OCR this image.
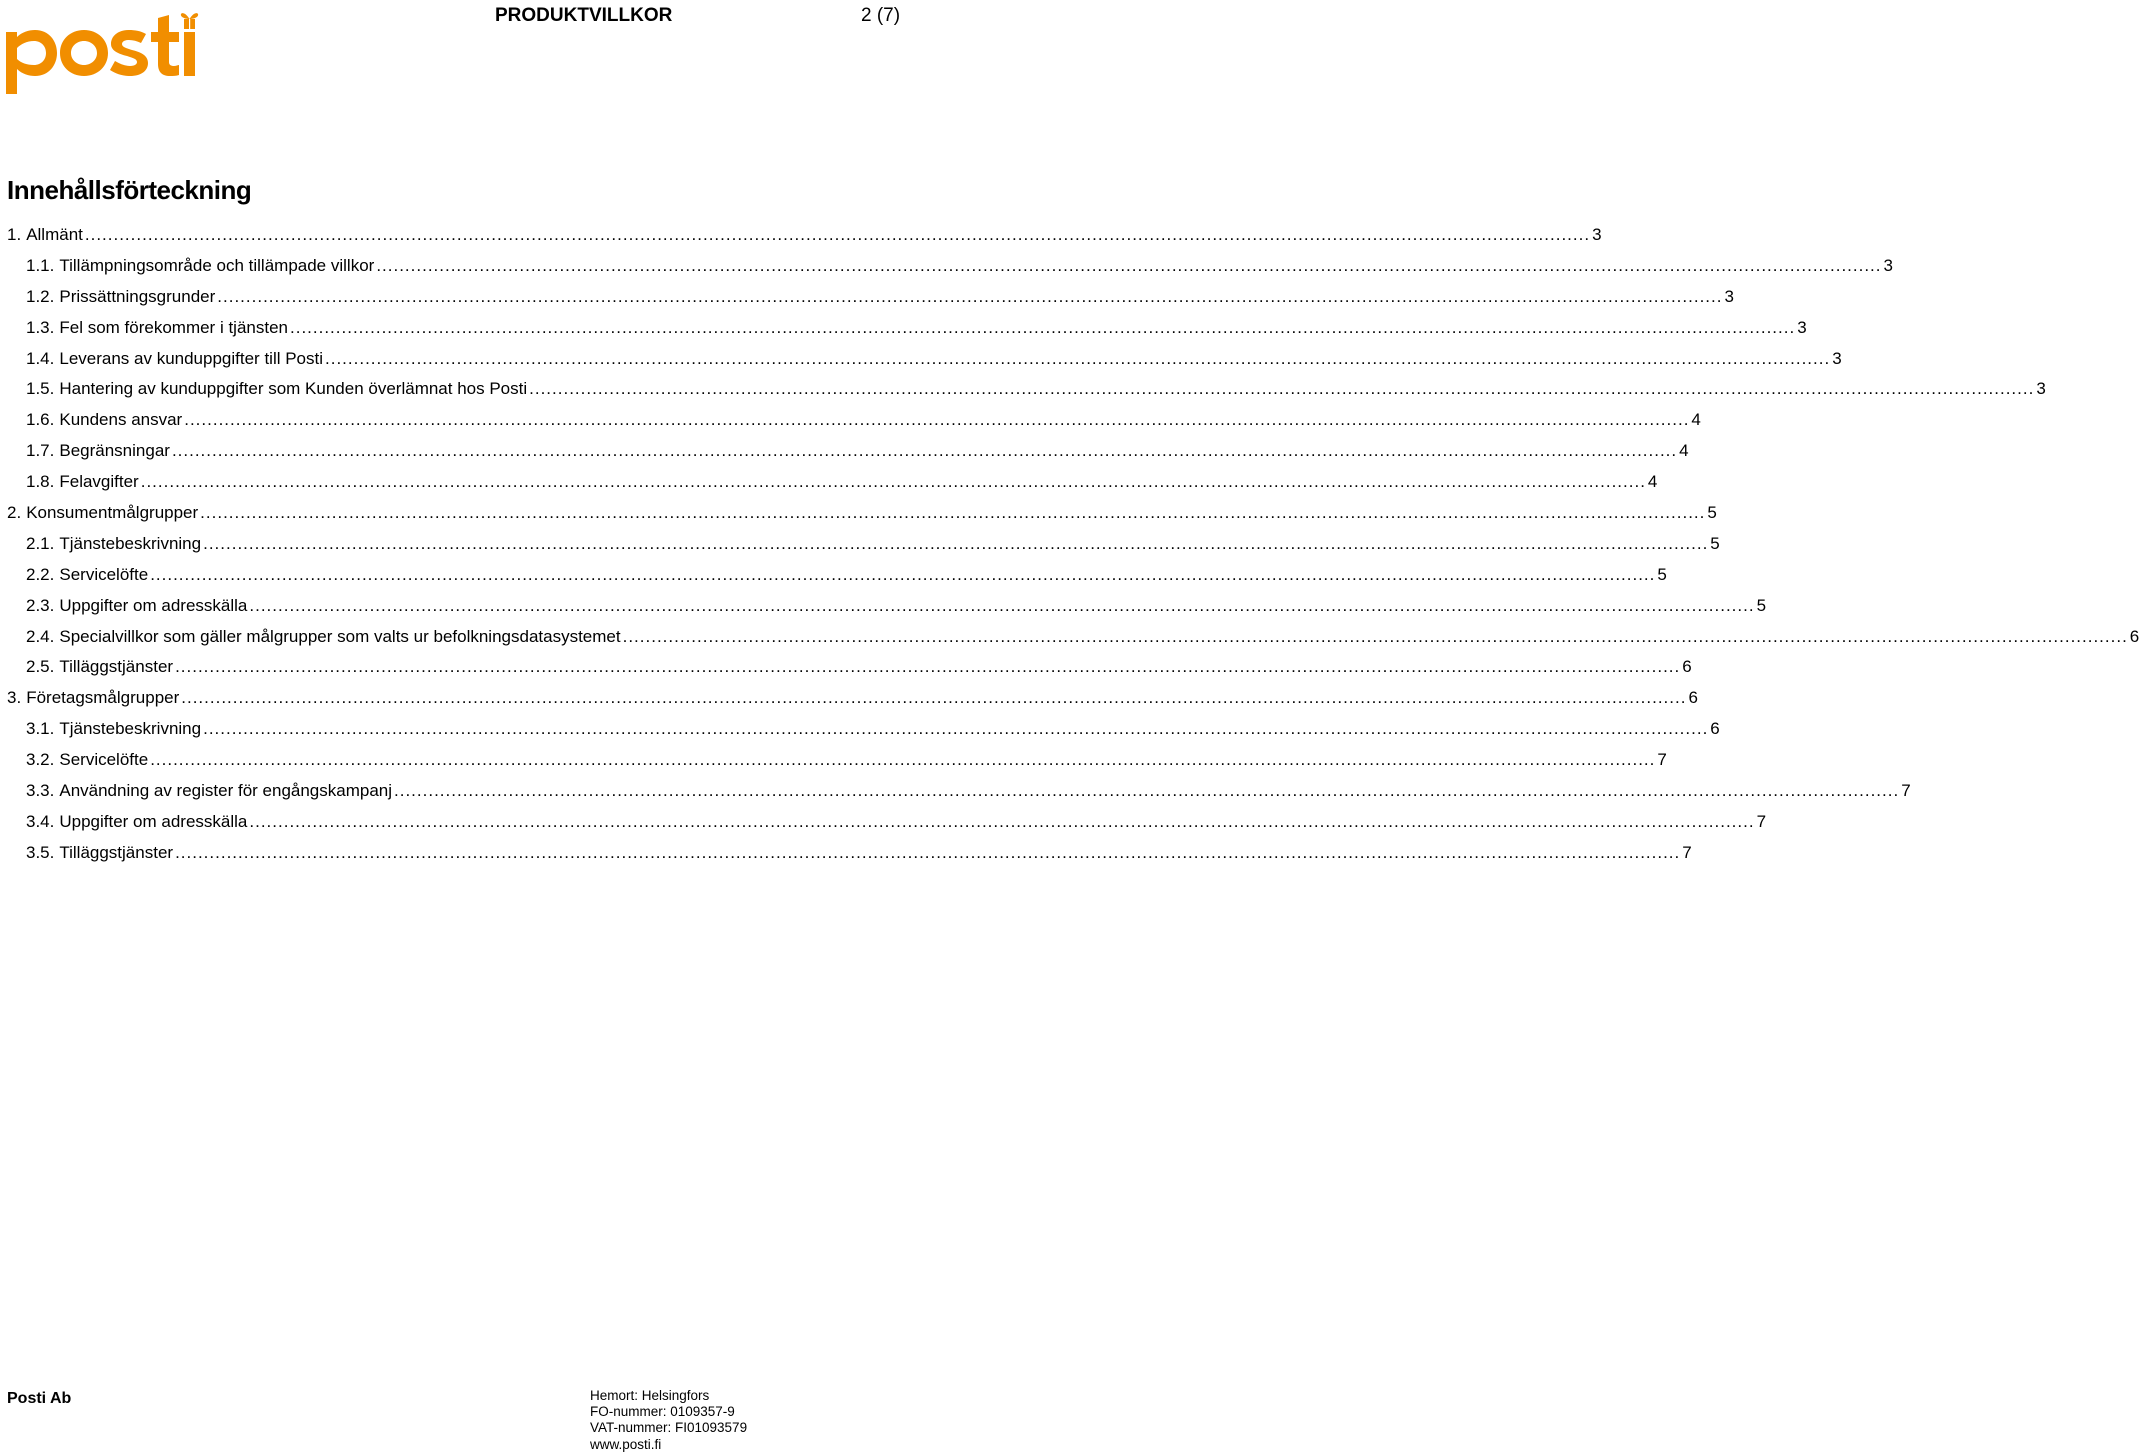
PRODUKTVILLKOR	2 (7)
Innehållsförteckning
1. Allmänt .....	3
1.1. Tillämpningsområde och tillämpade villkor .....	3
1.2. Prissättningsgrunder .....	3
1.3. Fel som förekommer i tjänsten .....	3
1.4. Leverans av kunduppgifter till Posti .....	3
1.5. Hantering av kunduppgifter som Kunden överlämnat hos Posti .....	3
1.6. Kundens ansvar .....	4
1.7. Begränsningar .....	4
1.8. Felavgifter .....	4
2. Konsumentmålgrupper .....	5
2.1. Tjänstebeskrivning .....	5
2.2. Servicelöfte .....	5
2.3. Uppgifter om adresskälla .....	5
2.4. Specialvillkor som gäller målgrupper som valts ur befolkningsdatasystemet .....	6
2.5. Tilläggstjänster .....	6
3. Företagsmålgrupper .....	6
3.1. Tjänstebeskrivning .....	6
3.2. Servicelöfte .....	7
3.3. Användning av register för engångskampanj .....	7
3.4. Uppgifter om adresskälla .....	7
3.5. Tilläggstjänster .....	7
Posti Ab	Hemort: Helsingfors
FO-nummer: 0109357-9
VAT-nummer: FI01093579
www.posti.fi
